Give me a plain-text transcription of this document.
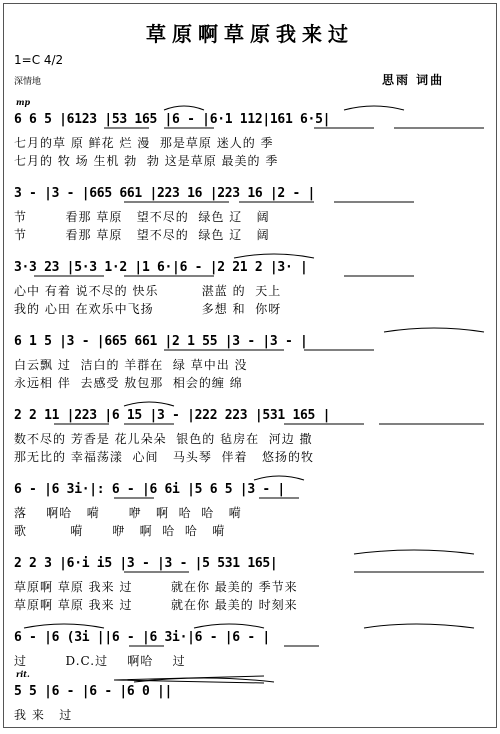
草原啊草原我来过
1=C 4/2
深情地	思雨 词曲
mp
6 6 5 |6123 |53 165 |6 - |6·1 112|161 6·5|
七月的草 原 鲜花 烂 漫  那是草原 迷人的 季
七月的 牧 场 生机 勃  勃 这是草原 最美的 季
3 - |3 - |665 661 |223 16 |223 16 |2 - |
节        看那 草原   望不尽的  绿色 辽   阔
节        看那 草原   望不尽的  绿色 辽   阔
3·3 23 |5·3 1·2 |1 6·|6 - |2 21 2 |3· |
心中 有着 说不尽的 快乐         湛蓝 的  天上
我的 心田 在欢乐中飞扬          多想 和  你呀
6 1 5 |3 - |665 661 |2 1 55 |3 - |3 - |
白云飘 过  洁白的 羊群在  绿 草中出 没
永远相 伴  去感受 敖包那  相会的缠 绵
2 2 11 |223 |6 15 |3 - |222 223 |531 165 |
数不尽的 芳香是 花儿朵朵  银色的 毡房在  河边 撒
那无比的 幸福荡漾  心间   马头琴  伴着   悠扬的牧
6 - |6 3i·|: 6 - |6 6i |5 6 5 |3 - |
落    啊哈   嗬      咿   啊  哈  哈   嗬
歌         嗬      咿   啊  哈  哈   嗬
2 2 3 |6·i i5 |3 - |3 - |5 531 165|
草原啊 草原 我来 过        就在你 最美的 季节来
草原啊 草原 我来 过        就在你 最美的 时刻来
6 - |6 (3i ||6 - |6 3i·|6 - |6 - |
过        D.C.过    啊哈    过
rit.
5 5 |6 - |6 - |6 0 ||
我 来   过
